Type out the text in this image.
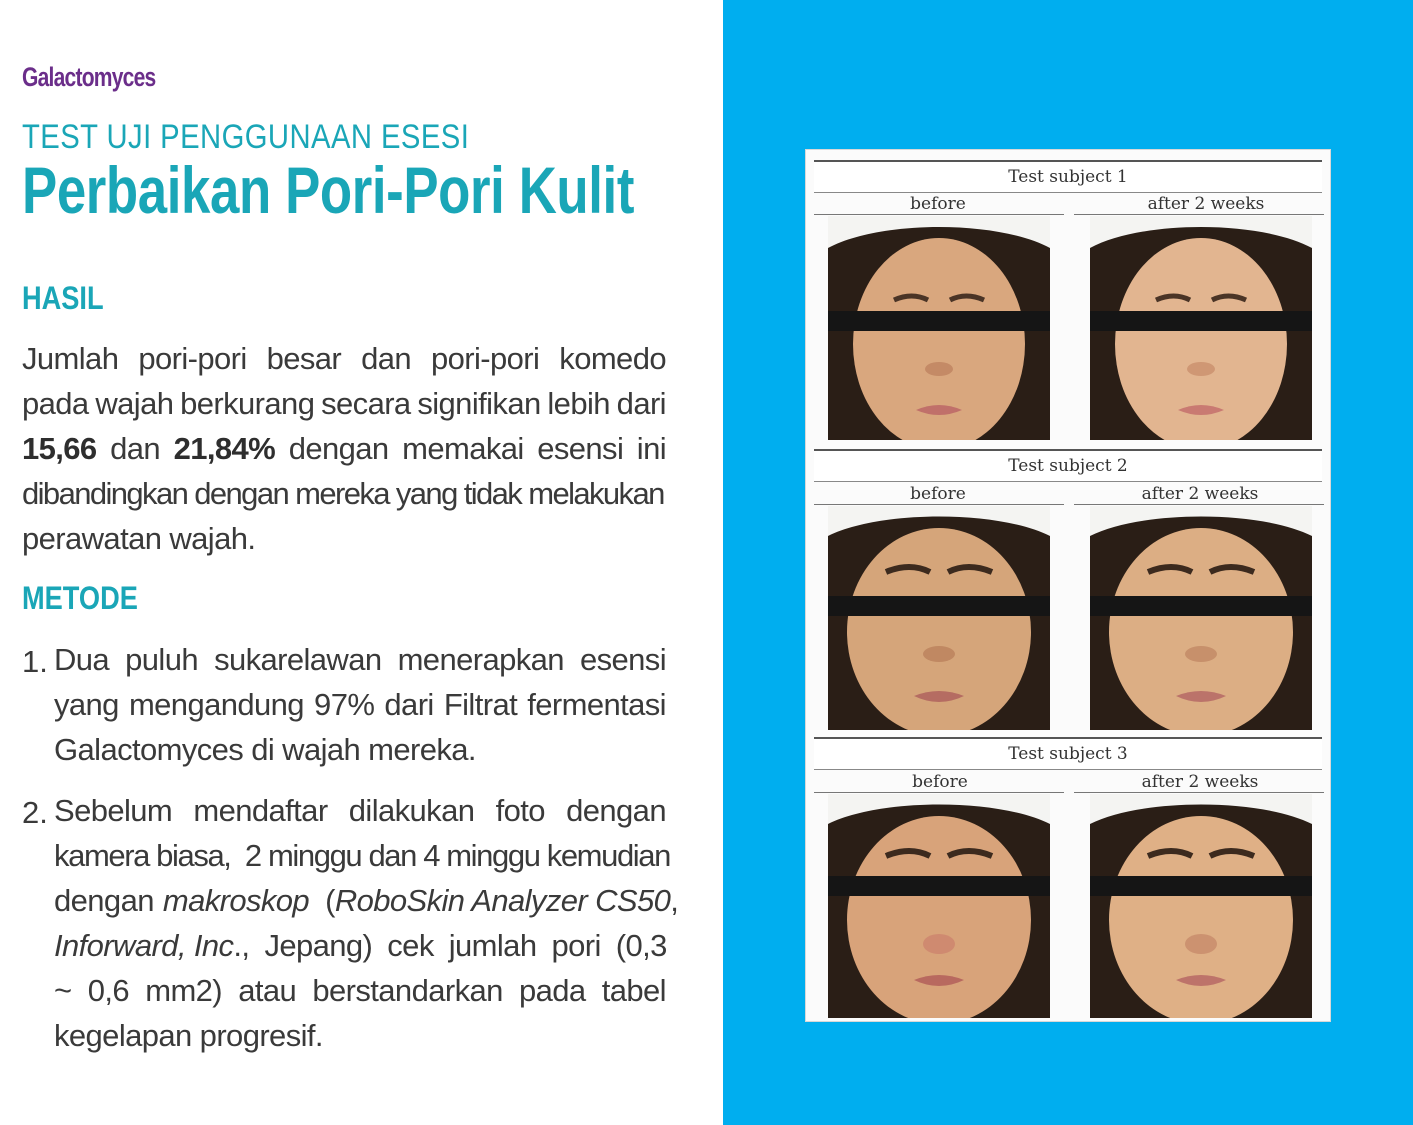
Galactomyces
TEST UJI PENGGUNAAN ESESI
Perbaikan Pori-Pori Kulit
HASIL
Jumlah pori-pori besar dan pori-pori komedo
pada wajah berkurang secara signifikan lebih dari
15,66 dan 21,84% dengan memakai esensi ini
dibandingkan dengan mereka yang tidak melakukan
perawatan wajah.
METODE
1. Dua puluh sukarelawan menerapkan esensi
yang mengandung 97% dari Filtrat fermentasi
Galactomyces di wajah mereka.
2. Sebelum mendaftar dilakukan foto dengan
kamera biasa,  2 minggu dan 4 minggu kemudian
dengan makroskop ( RoboSkin Analyzer CS50 ,
Inforward, Inc ., Jepang) cek jumlah pori (0,3
~ 0,6 mm2) atau berstandarkan pada tabel
kegelapan progresif.
Test subject 1
before	after 2 weeks
Test subject 2
before	after 2 weeks
Test subject 3
before	after 2 weeks
